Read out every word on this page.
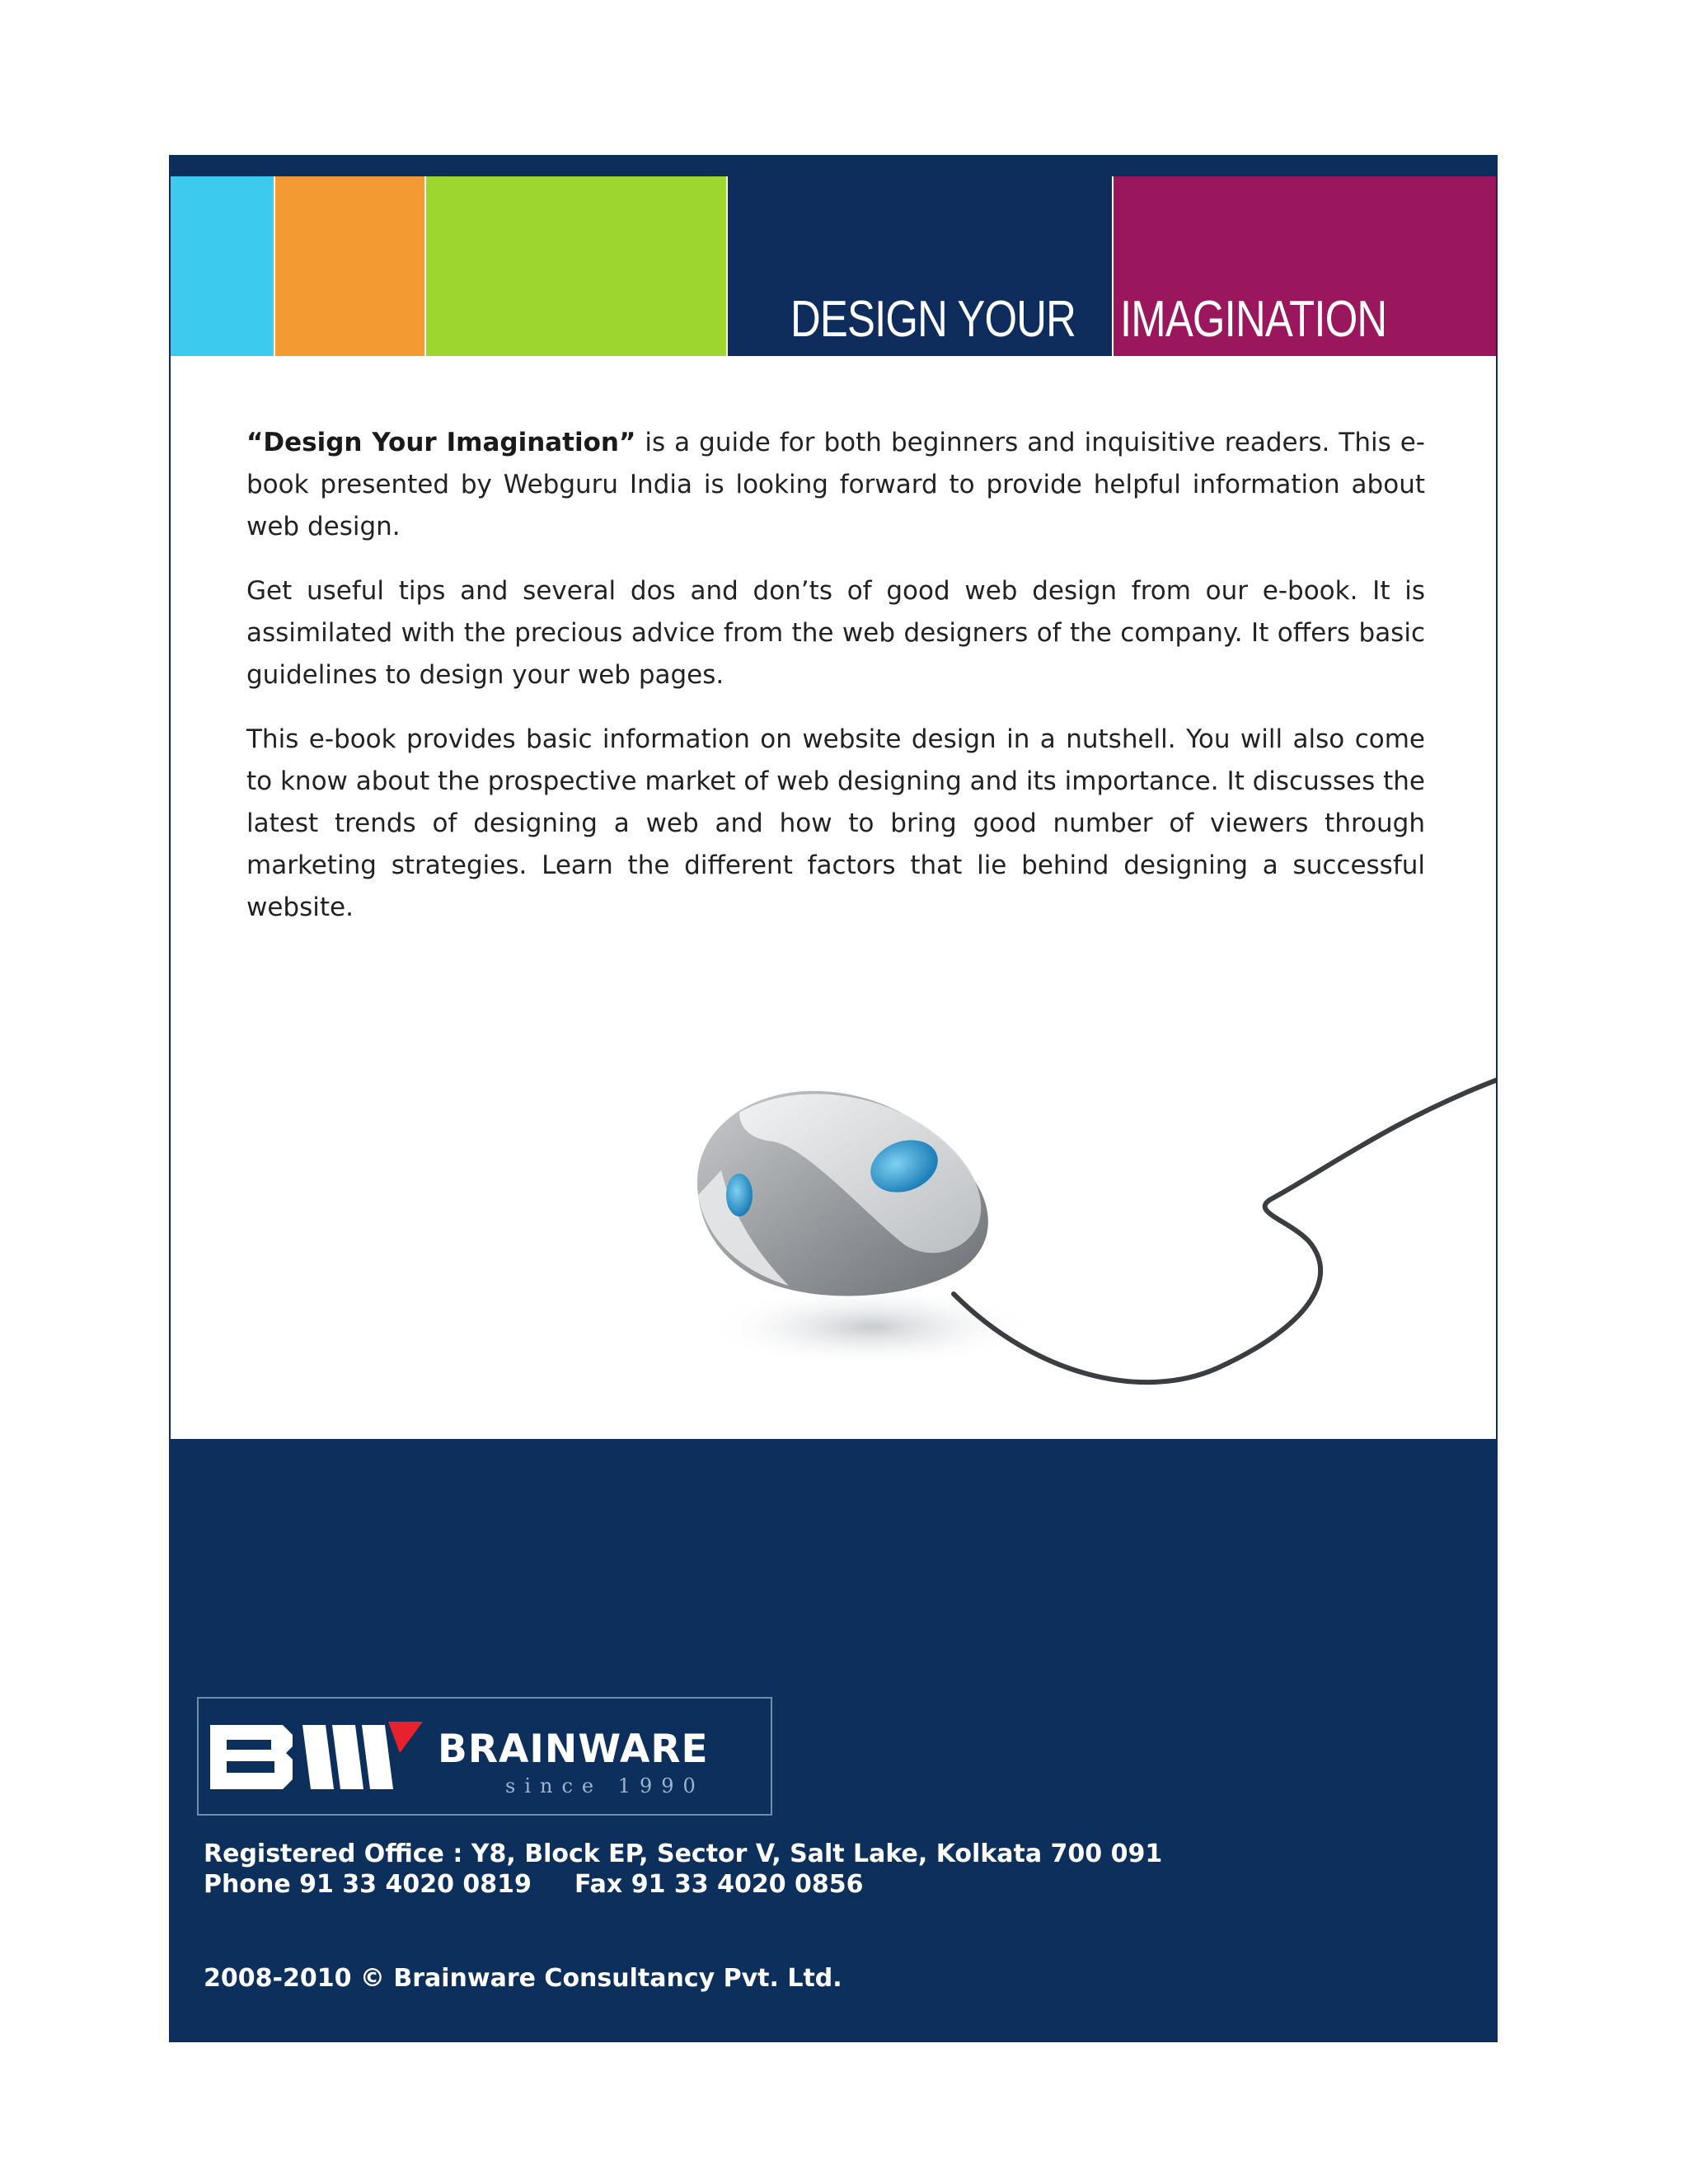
DESIGN YOUR IMAGINATION

“Design Your Imagination” is a guide for both beginners and inquisitive readers. This e-book presented by Webguru India is looking forward to provide helpful information about web design.

Get useful tips and several dos and don’ts of good web design from our e-book. It is assimilated with the precious advice from the web designers of the company. It offers basic guidelines to design your web pages.

This e-book provides basic information on website design in a nutshell. You will also come to know about the prospective market of web designing and its importance. It discusses the latest trends of designing a web and how to bring good number of viewers through marketing strategies. Learn the different factors that lie behind designing a successful website.

BRAINWARE
since 1990
Registered Office : Y8, Block EP, Sector V, Salt Lake, Kolkata 700 091
Phone 91 33 4020 0819 Fax 91 33 4020 0856
2008-2010 © Brainware Consultancy Pvt. Ltd.
